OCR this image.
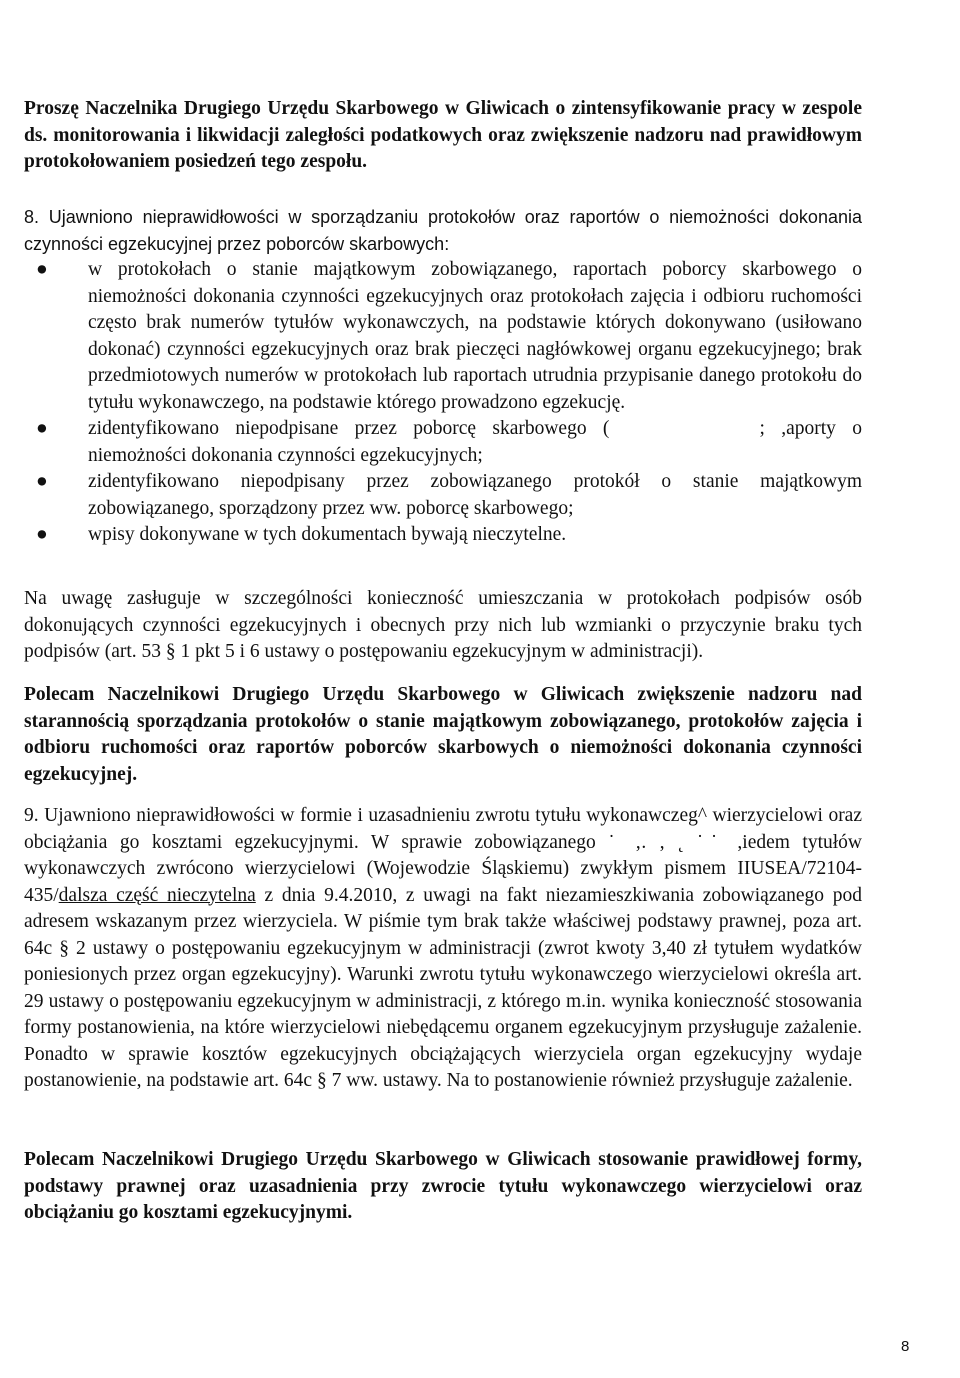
Proszę Naczelnika Drugiego Urzędu Skarbowego w Gliwicach o zintensyfikowanie pracy w zespole ds. monitorowania i likwidacji zaległości podatkowych oraz zwiększenie nadzoru nad prawidłowym protokołowaniem posiedzeń tego zespołu.

8. Ujawniono nieprawidłowości w sporządzaniu protokołów oraz raportów o niemożności dokonania czynności egzekucyjnej przez poborców skarbowych:

● w protokołach o stanie majątkowym zobowiązanego, raportach poborcy skarbowego o niemożności dokonania czynności egzekucyjnych oraz protokołach zajęcia i odbioru ruchomości często brak numerów tytułów wykonawczych, na podstawie których dokonywano (usiłowano dokonać) czynności egzekucyjnych oraz brak pieczęci nagłówkowej organu egzekucyjnego; brak przedmiotowych numerów w protokołach lub raportach utrudnia przypisanie danego protokołu do tytułu wykonawczego, na podstawie którego prowadzono egzekucję.
● zidentyfikowano niepodpisane przez poborcę skarbowego (	; ,aporty o niemożności dokonania czynności egzekucyjnych;
● zidentyfikowano niepodpisany przez zobowiązanego protokół o stanie majątkowym zobowiązanego, sporządzony przez ww. poborcę skarbowego;
● wpisy dokonywane w tych dokumentach bywają nieczytelne.

Na uwagę zasługuje w szczególności konieczność umieszczania w protokołach podpisów osób dokonujących czynności egzekucyjnych i obecnych przy nich lub wzmianki o przyczynie braku tych podpisów (art. 53 § 1 pkt 5 i 6 ustawy o postępowaniu egzekucyjnym w administracji).

Polecam Naczelnikowi Drugiego Urzędu Skarbowego w Gliwicach zwiększenie nadzoru nad starannością sporządzania protokołów o stanie majątkowym zobowiązanego, protokołów zajęcia i odbioru ruchomości oraz raportów poborców skarbowych o niemożności dokonania czynności egzekucyjnej.

9. Ujawniono nieprawidłowości w formie i uzasadnieniu zwrotu tytułu wykonawczeg^ wierzycielowi oraz obciążania go kosztami egzekucyjnymi. W sprawie zobowiązanego ˙ ‚. ‚ ˛ ˙˙ ,iedem tytułów wykonawczych zwrócono wierzycielowi (Wojewodzie Śląskiemu) zwykłym pismem IIUSEA/72104-435/dalsza część nieczytelna z dnia 9.4.2010, z uwagi na fakt niezamieszkiwania zobowiązanego pod adresem wskazanym przez wierzyciela. W piśmie tym brak także właściwej podstawy prawnej, poza art. 64c § 2 ustawy o postępowaniu egzekucyjnym w administracji (zwrot kwoty 3,40 zł tytułem wydatków poniesionych przez organ egzekucyjny). Warunki zwrotu tytułu wykonawczego wierzycielowi określa art. 29 ustawy o postępowaniu egzekucyjnym w administracji, z którego m.in. wynika konieczność stosowania formy postanowienia, na które wierzycielowi niebędącemu organem egzekucyjnym przysługuje zażalenie. Ponadto w sprawie kosztów egzekucyjnych obciążających wierzyciela organ egzekucyjny wydaje postanowienie, na podstawie art. 64c § 7 ww. ustawy. Na to postanowienie również przysługuje zażalenie.

Polecam Naczelnikowi Drugiego Urzędu Skarbowego w Gliwicach stosowanie prawidłowej formy, podstawy prawnej oraz uzasadnienia przy zwrocie tytułu wykonawczego wierzycielowi oraz obciążaniu go kosztami egzekucyjnymi.

8
